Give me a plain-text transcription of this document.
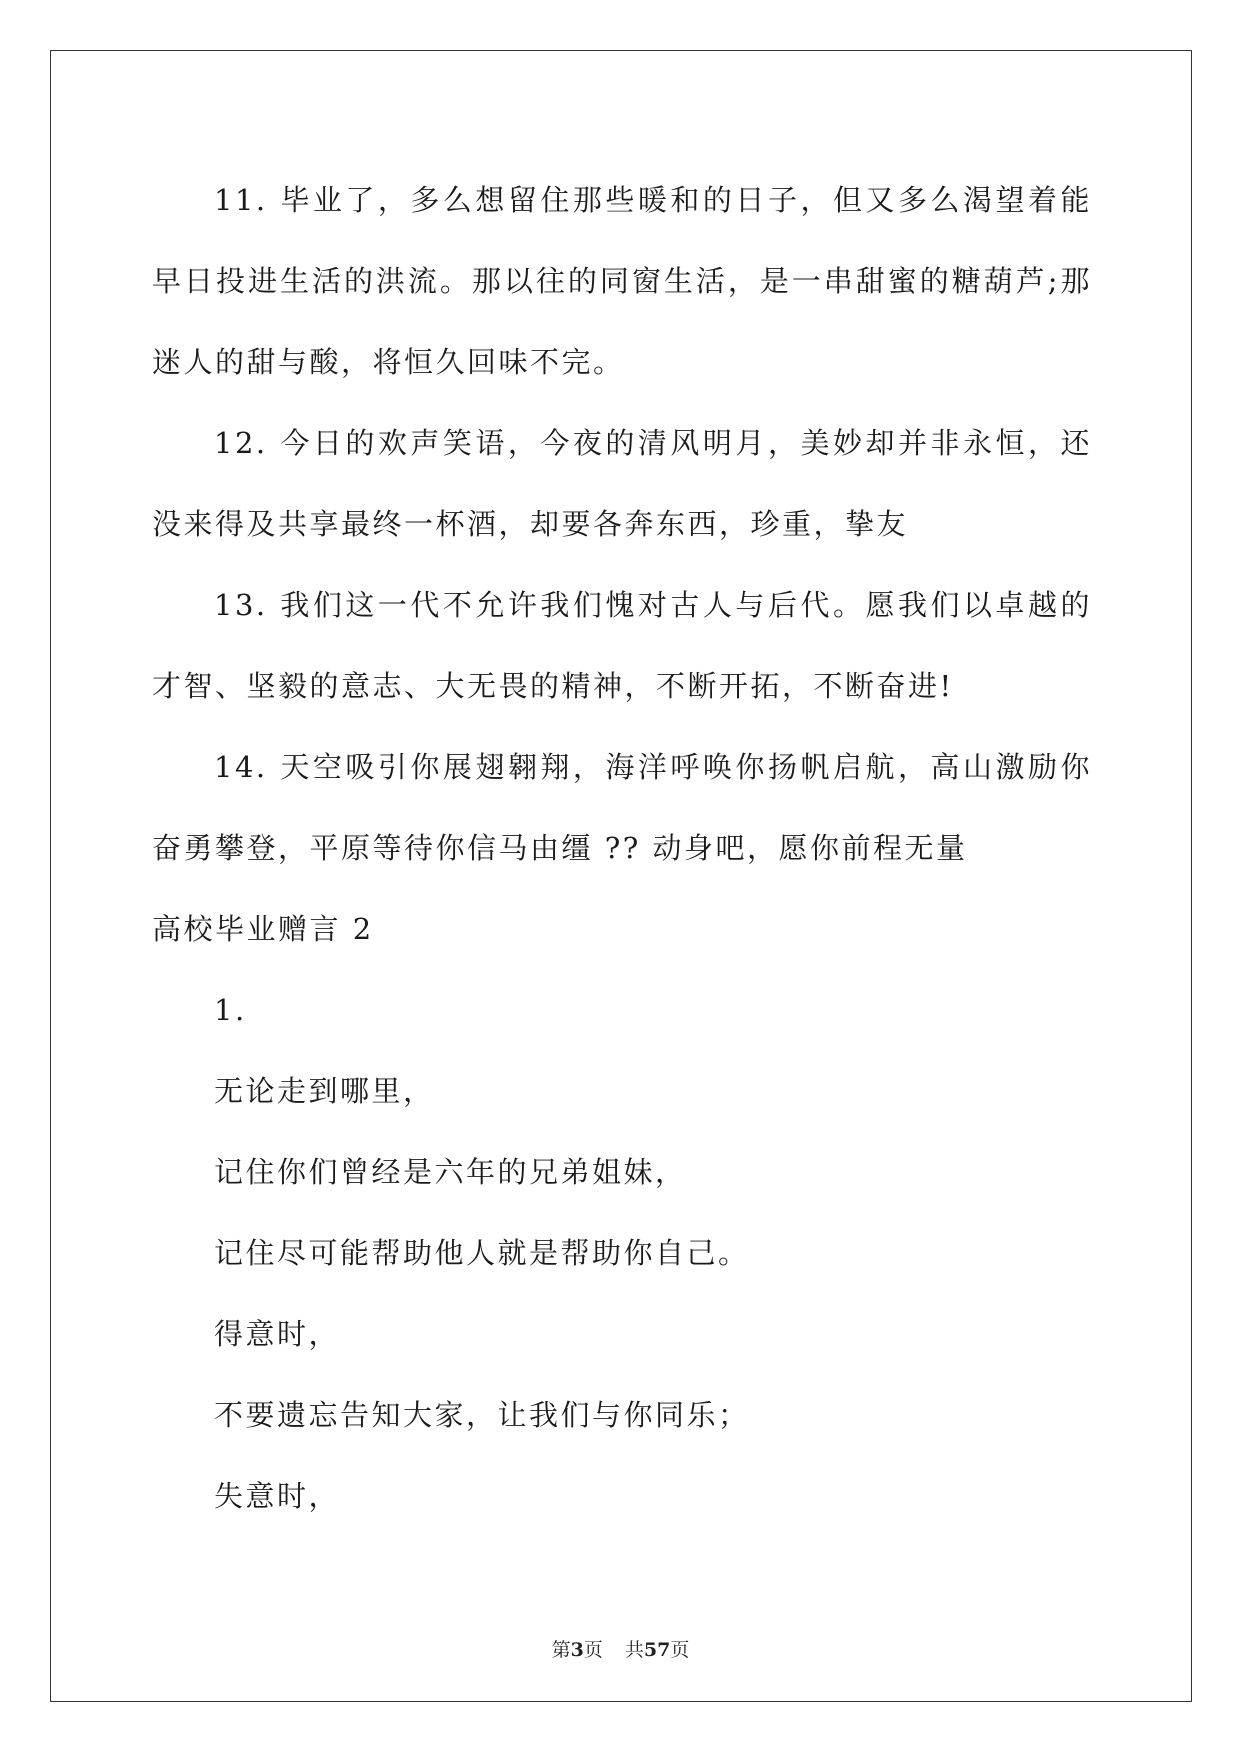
11. 毕业了，多么想留住那些暖和的日子，但又多么渴望着能早日投进生活的洪流。那以往的同窗生活，是一串甜蜜的糖葫芦;那迷人的甜与酸，将恒久回味不完。

12. 今日的欢声笑语，今夜的清风明月，美妙却并非永恒，还没来得及共享最终一杯酒，却要各奔东西，珍重，挚友

13. 我们这一代不允许我们愧对古人与后代。愿我们以卓越的才智、坚毅的意志、大无畏的精神，不断开拓，不断奋进!

14. 天空吸引你展翅翱翔，海洋呼唤你扬帆启航，高山激励你奋勇攀登，平原等待你信马由缰 ?? 动身吧，愿你前程无量

高校毕业赠言 2

1.

无论走到哪里，

记住你们曾经是六年的兄弟姐妹，

记住尽可能帮助他人就是帮助你自己。

得意时，

不要遗忘告知大家，让我们与你同乐；

失意时，

第3页 共57页
